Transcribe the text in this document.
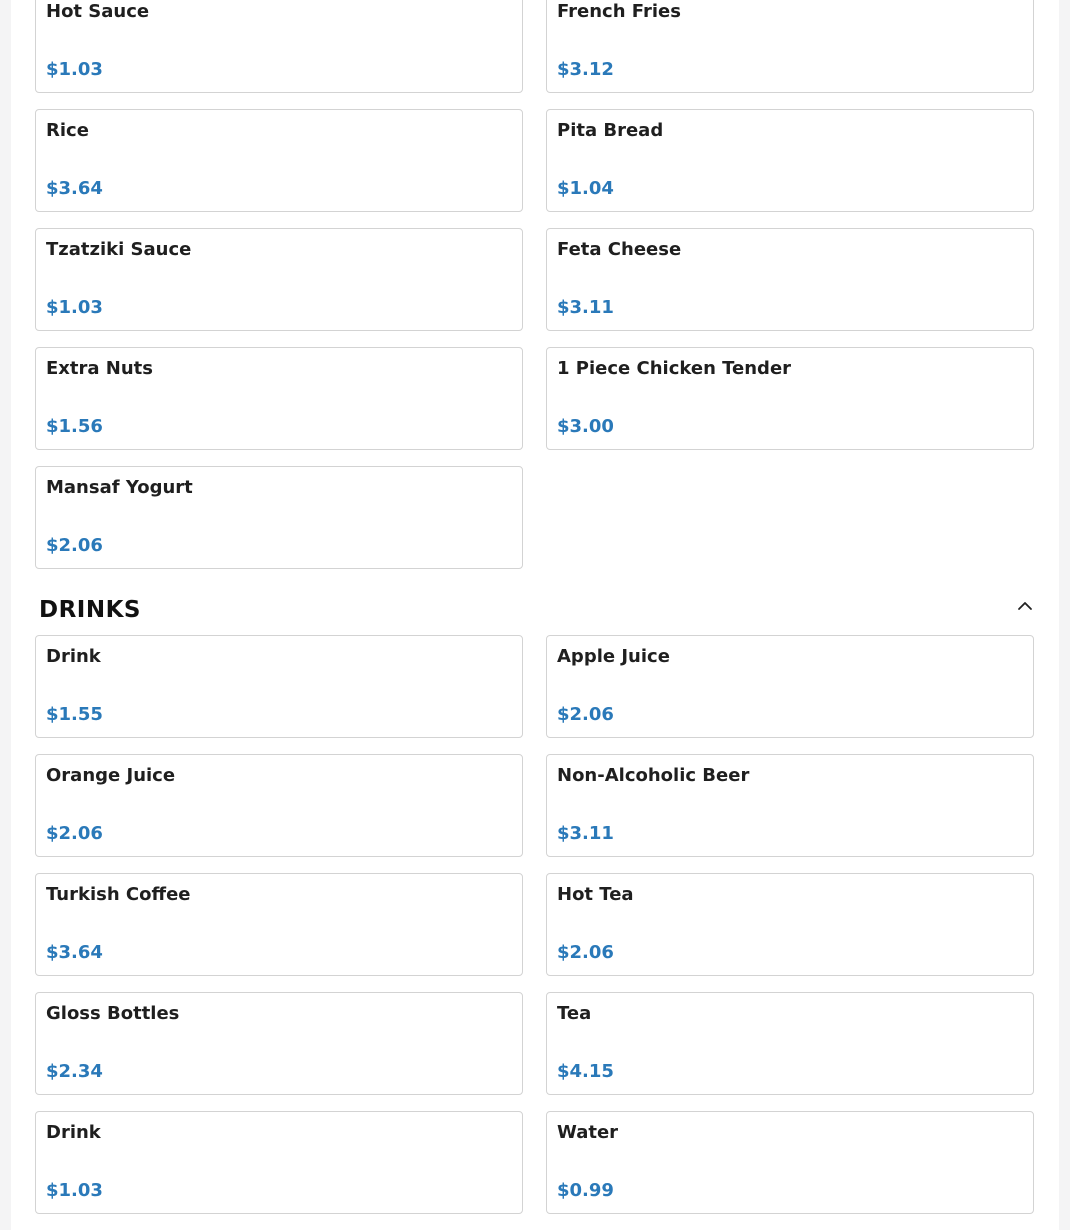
Hot Sauce
$1.03
French Fries
$3.12
Rice
$3.64
Pita Bread
$1.04
Tzatziki Sauce
$1.03
Feta Cheese
$3.11
Extra Nuts
$1.56
1 Piece Chicken Tender
$3.00
Mansaf Yogurt
$2.06
DRINKS
Drink
$1.55
Apple Juice
$2.06
Orange Juice
$2.06
Non-Alcoholic Beer
$3.11
Turkish Coffee
$3.64
Hot Tea
$2.06
Gloss Bottles
$2.34
Tea
$4.15
Drink
$1.03
Water
$0.99
